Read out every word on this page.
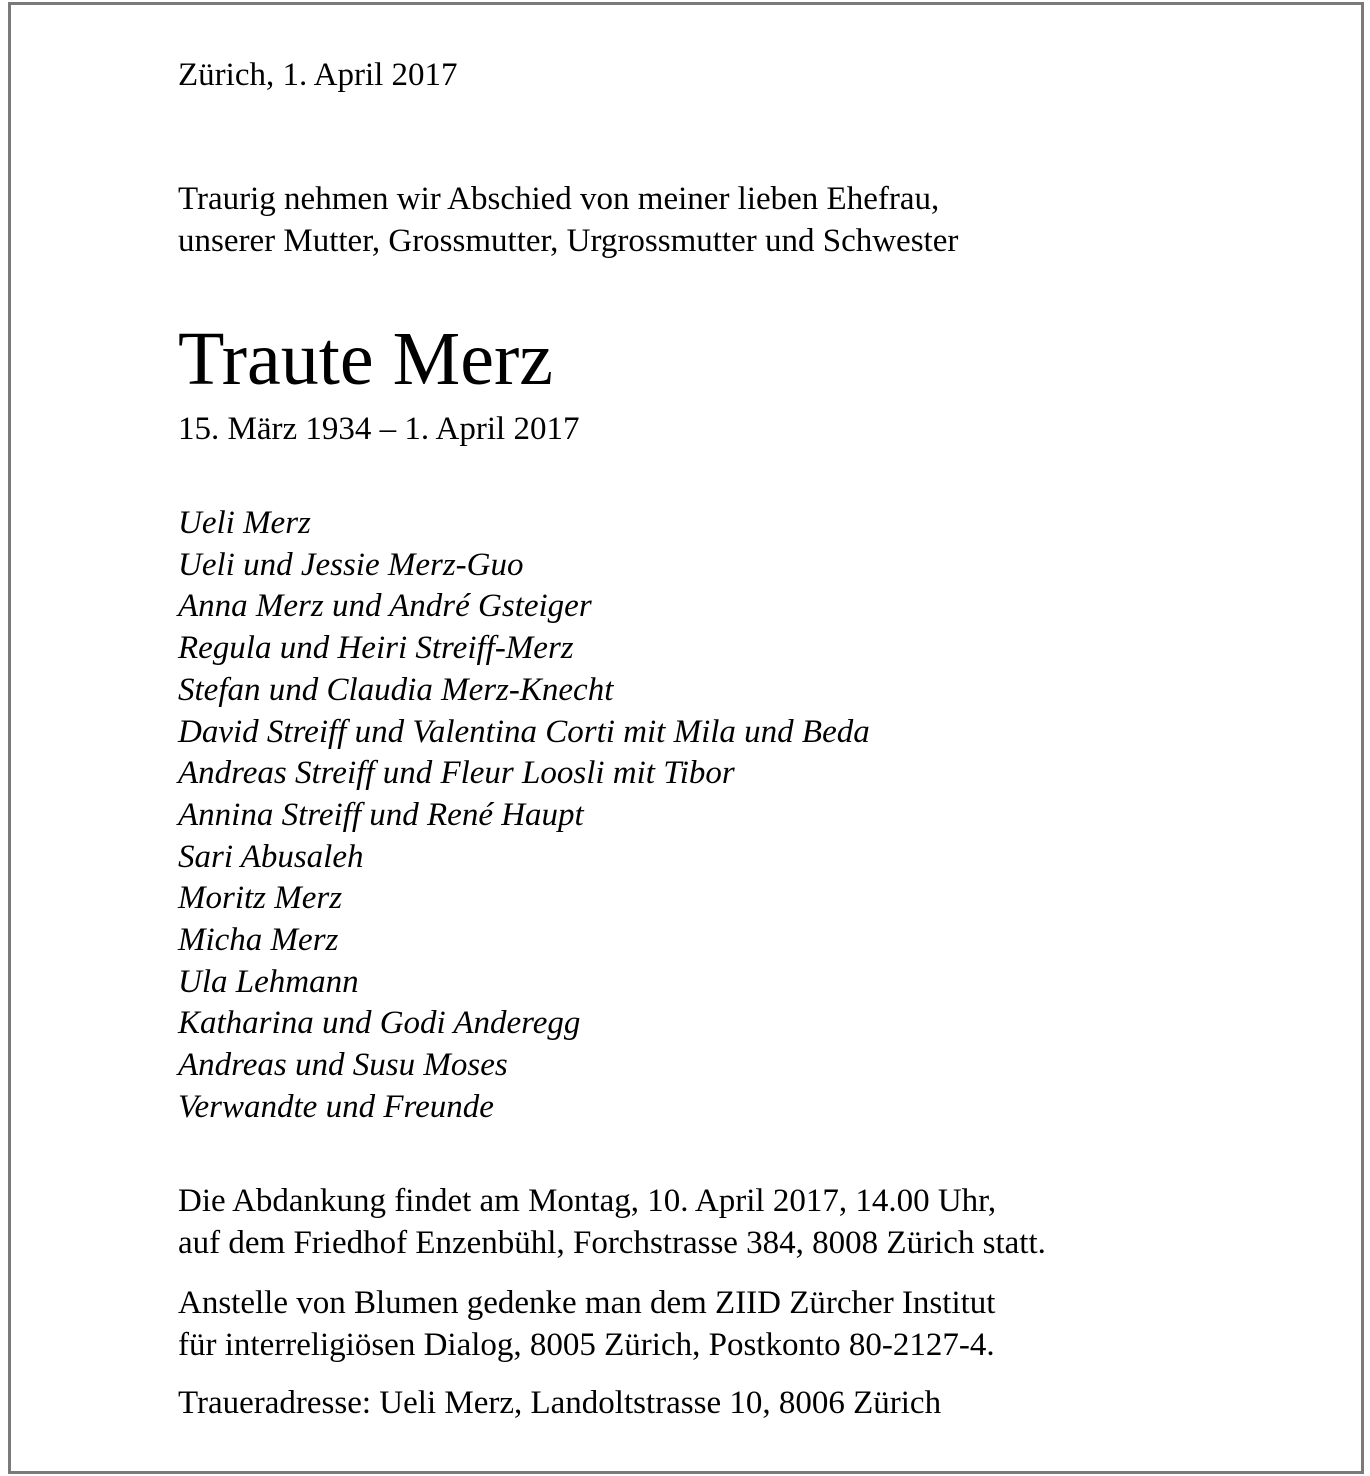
Zürich, 1. April 2017
Traurig nehmen wir Abschied von meiner lieben Ehefrau,
unserer Mutter, Grossmutter, Urgrossmutter und Schwester
Traute Merz
15. März 1934 – 1. April 2017
Ueli Merz
Ueli und Jessie Merz-Guo
Anna Merz und André Gsteiger
Regula und Heiri Streiff-Merz
Stefan und Claudia Merz-Knecht
David Streiff und Valentina Corti mit Mila und Beda
Andreas Streiff und Fleur Loosli mit Tibor
Annina Streiff und René Haupt
Sari Abusaleh
Moritz Merz
Micha Merz
Ula Lehmann
Katharina und Godi Anderegg
Andreas und Susu Moses
Verwandte und Freunde
Die Abdankung findet am Montag, 10. April 2017, 14.00 Uhr,
auf dem Friedhof Enzenbühl, Forchstrasse 384, 8008 Zürich statt.
Anstelle von Blumen gedenke man dem ZIID Zürcher Institut
für interreligiösen Dialog, 8005 Zürich, Postkonto 80-2127-4.
Traueradresse: Ueli Merz, Landoltstrasse 10, 8006 Zürich
